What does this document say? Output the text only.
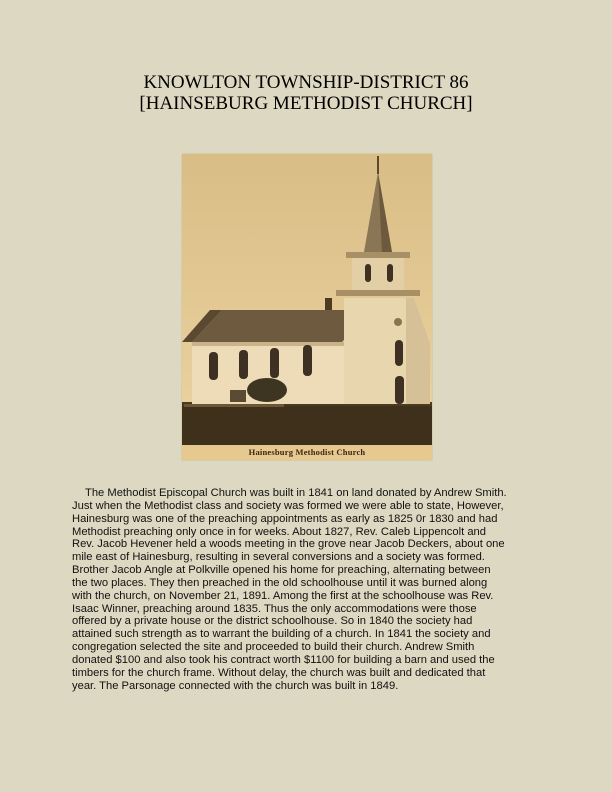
KNOWLTON TOWNSHIP-DISTRICT 86
[HAINSEBURG METHODIST CHURCH]
Hainesburg Methodist Church
The Methodist Episcopal Church was built in 1841 on land donated by Andrew Smith.
Just when the Methodist class and society was formed we were able to state, However,
Hainesburg was one of the preaching appointments as early as 1825 0r 1830 and had
Methodist preaching only once in for weeks. About 1827, Rev. Caleb Lippencolt and
Rev. Jacob Hevener held a woods meeting in the grove near Jacob Deckers, about one
mile east of Hainesburg, resulting in several conversions and a society was formed.
Brother Jacob Angle at Polkville opened his home for preaching, alternating between
the two places. They then preached in the old schoolhouse until it was burned along
with the church, on November 21, 1891. Among the first at the schoolhouse was Rev.
Isaac Winner, preaching around 1835. Thus the only accommodations were those
offered by a private house or the district schoolhouse. So in 1840 the society had
attained such strength as to warrant the building of a church. In 1841 the society and
congregation selected the site and proceeded to build their church. Andrew Smith
donated $100 and also took his contract worth $1100 for building a barn and used the
timbers for the church frame. Without delay, the church was built and dedicated that
year. The Parsonage connected with the church was built in 1849.
